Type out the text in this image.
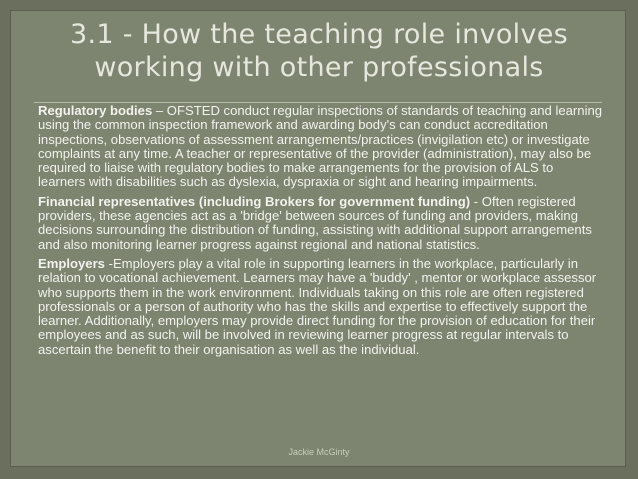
3.1 - How the teaching role involves working with other professionals

Regulatory bodies – OFSTED conduct regular inspections of standards of teaching and learning using the common inspection framework and awarding body's can conduct accreditation inspections, observations of assessment arrangements/practices (invigilation etc) or investigate complaints at any time. A teacher or representative of the provider (administration), may also be required to liaise with regulatory bodies to make arrangements for the provision of ALS to learners with disabilities such as dyslexia, dyspraxia or sight and hearing impairments.

Financial representatives (including Brokers for government funding) - Often registered providers, these agencies act as a 'bridge' between sources of funding and providers, making decisions surrounding the distribution of funding, assisting with additional support arrangements and also monitoring learner progress against regional and national statistics.

Employers -Employers play a vital role in supporting learners in the workplace, particularly in relation to vocational achievement. Learners may have a 'buddy' , mentor or workplace assessor who supports them in the work environment. Individuals taking on this role are often registered professionals or a person of authority who has the skills and expertise to effectively support the learner. Additionally, employers may provide direct funding for the provision of education for their employees and as such, will be involved in reviewing learner progress at regular intervals to ascertain the benefit to their organisation as well as the individual.

Jackie McGinty
